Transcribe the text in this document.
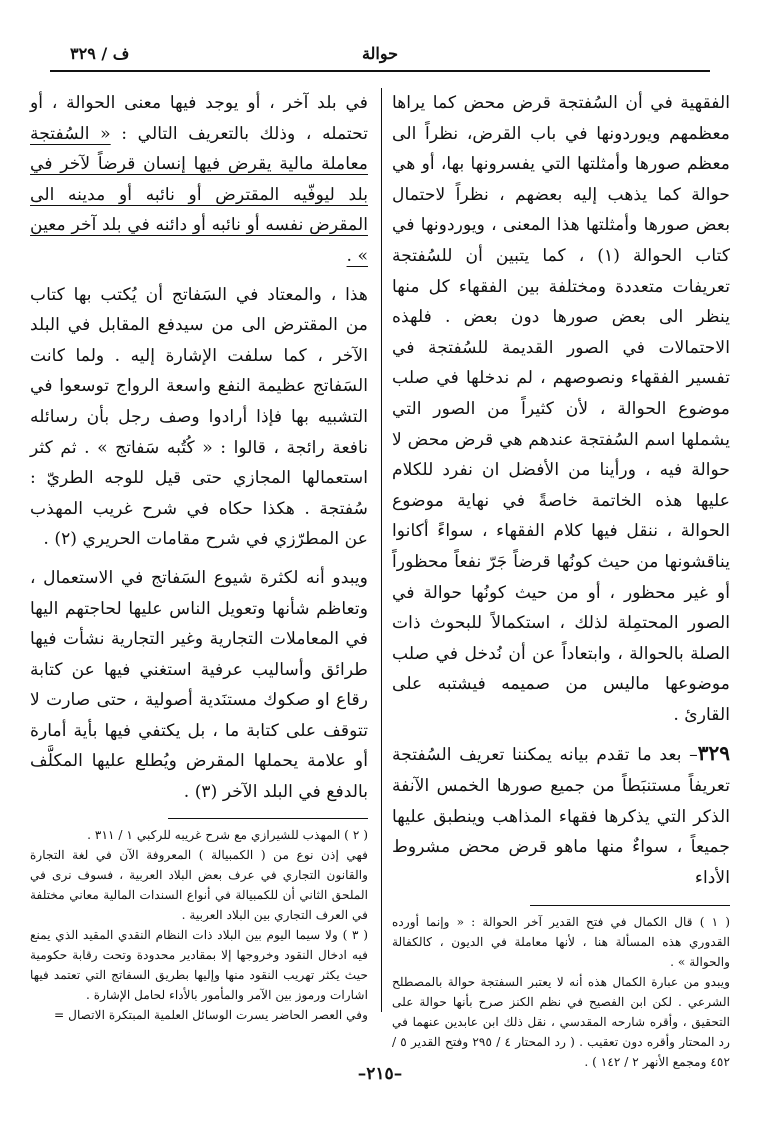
حوالة
ف / ٣٢٩

الفقهية في أن السُفتجة قرض محض كما يراها معظمهم ويوردونها في باب القرض، نظراً الى معظم صورها وأمثلتها التي يفسرونها بها، أو هي حوالة كما يذهب إليه بعضهم ، نظراً لاحتمال بعض صورها وأمثلتها هذا المعنى ، ويوردونها في كتاب الحوالة (١) ، كما يتبين أن للسُفتجة تعريفات متعددة ومختلفة بين الفقهاء كل منها ينظر الى بعض صورها دون بعض . فلهذه الاحتمالات في الصور القديمة للسُفتجة في تفسير الفقهاء ونصوصهم ، لم ندخلها في صلب موضوع الحوالة ، لأن كثيراً من الصور التي يشملها اسم السُفتجة عندهم هي قرض محض لا حوالة فيه ، ورأينا من الأفضل ان نفرد للكلام عليها هذه الخاتمة خاصةً في نهاية موضوع الحوالة ، ننقل فيها كلام الفقهاء ، سواءً أكانوا يناقشونها من حيث كونُها قرضاً جَرّ نفعاً محظوراً أو غير محظور ، أو من حيث كونُها حوالة في الصور المحتمِلة لذلك ، استكمالاً للبحوث ذات الصلة بالحوالة ، وابتعاداً عن أن نُدخل في صلب موضوعها ماليس من صميمه فيشتبه على القارئ .

٣٢٩– بعد ما تقدم بيانه يمكننا تعريف السُفتجة تعريفاً مستنبَطاً من جميع صورها الخمس الآنفة الذكر التي يذكرها فقهاء المذاهب وينطبق عليها جميعاً ، سواءٌ منها ماهو قرض محض مشروط الأداء

( ١ ) قال الكمال في فتح القدير آخر الحوالة : « وإنما أورده القدوري هذه المسألة هنا ، لأنها معاملة في الديون ، كالكفالة والحوالة » .

ويبدو من عبارة الكمال هذه أنه لا يعتبر السفتجة حوالة بالمصطلح الشرعي . لكن ابن الفصيح في نظم الكنز صرح بأنها حوالة على التحقيق ، وأقره شارحه المقدسي ، نقل ذلك ابن عابدين عنهما في رد المحتار وأقره دون تعقيب . ( رد المحتار ٤ / ٢٩٥ وفتح القدير ٥ / ٤٥٢ ومجمع الأنهر ٢ / ١٤٢ ) .

في بلد آخر ، أو يوجد فيها معنى الحوالة ، أو تحتمله ، وذلك بالتعريف التالي : « السُفتجة معاملة مالية يقرض فيها إنسان قرضاً لآخر في بلد ليوفّيه المقترض أو نائبه أو مدينه الى المقرض نفسه أو نائبه أو دائنه في بلد آخر معين » .

هذا ، والمعتاد في السَفاتج أن يُكتب بها كتاب من المقترض الى من سيدفع المقابل في البلد الآخر ، كما سلفت الإشارة إليه . ولما كانت السَفاتج عظيمة النفع واسعة الرواج توسعوا في التشبيه بها فإذا أرادوا وصف رجل بأن رسائله نافعة رائجة ، قالوا : « كُتُبه سَفاتج » . ثم كثر استعمالها المجازي حتى قيل للوجه الطريّ : سُفتجة . هكذا حكاه في شرح غريب المهذب عن المطرّزي في شرح مقامات الحريري (٢) .

ويبدو أنه لكثرة شيوع السَفاتج في الاستعمال ، وتعاظم شأنها وتعويل الناس عليها لحاجتهم اليها في المعاملات التجارية وغير التجارية نشأت فيها طرائق وأساليب عرفية استغني فيها عن كتابة رقاع او صكوك مستنَدية أصولية ، حتى صارت لا تتوقف على كتابة ما ، بل يكتفي فيها بأية أمارة أو علامة يحملها المقرض ويُطلع عليها المكلَّف بالدفع في البلد الآخر (٣) .

( ٢ ) المهذب للشيرازي مع شرح غريبه للركبي ١ / ٣١١ .

فهي إذن نوع من ( الكمبيالة ) المعروفة الآن في لغة التجارة والقانون التجاري في عرف بعض البلاد العربية ، فسوف نرى في الملحق الثاني أن للكمبيالة في أنواع السندات المالية معاني مختلفة في العرف التجاري بين البلاد العربية .

( ٣ ) ولا سيما اليوم بين البلاد ذات النظام النقدي المقيد الذي يمنع فيه ادخال النقود وخروجها إلا بمقادير محدودة وتحت رقابة حكومية حيث يكثر تهريب النقود منها وإليها بطريق السفاتج التي تعتمد فيها اشارات ورموز بين الآمر والمأمور بالأداء لحامل الإشارة .

وفي العصر الحاضر يسرت الوسائل العلمية المبتكرة الاتصال =

–٢١٥–
